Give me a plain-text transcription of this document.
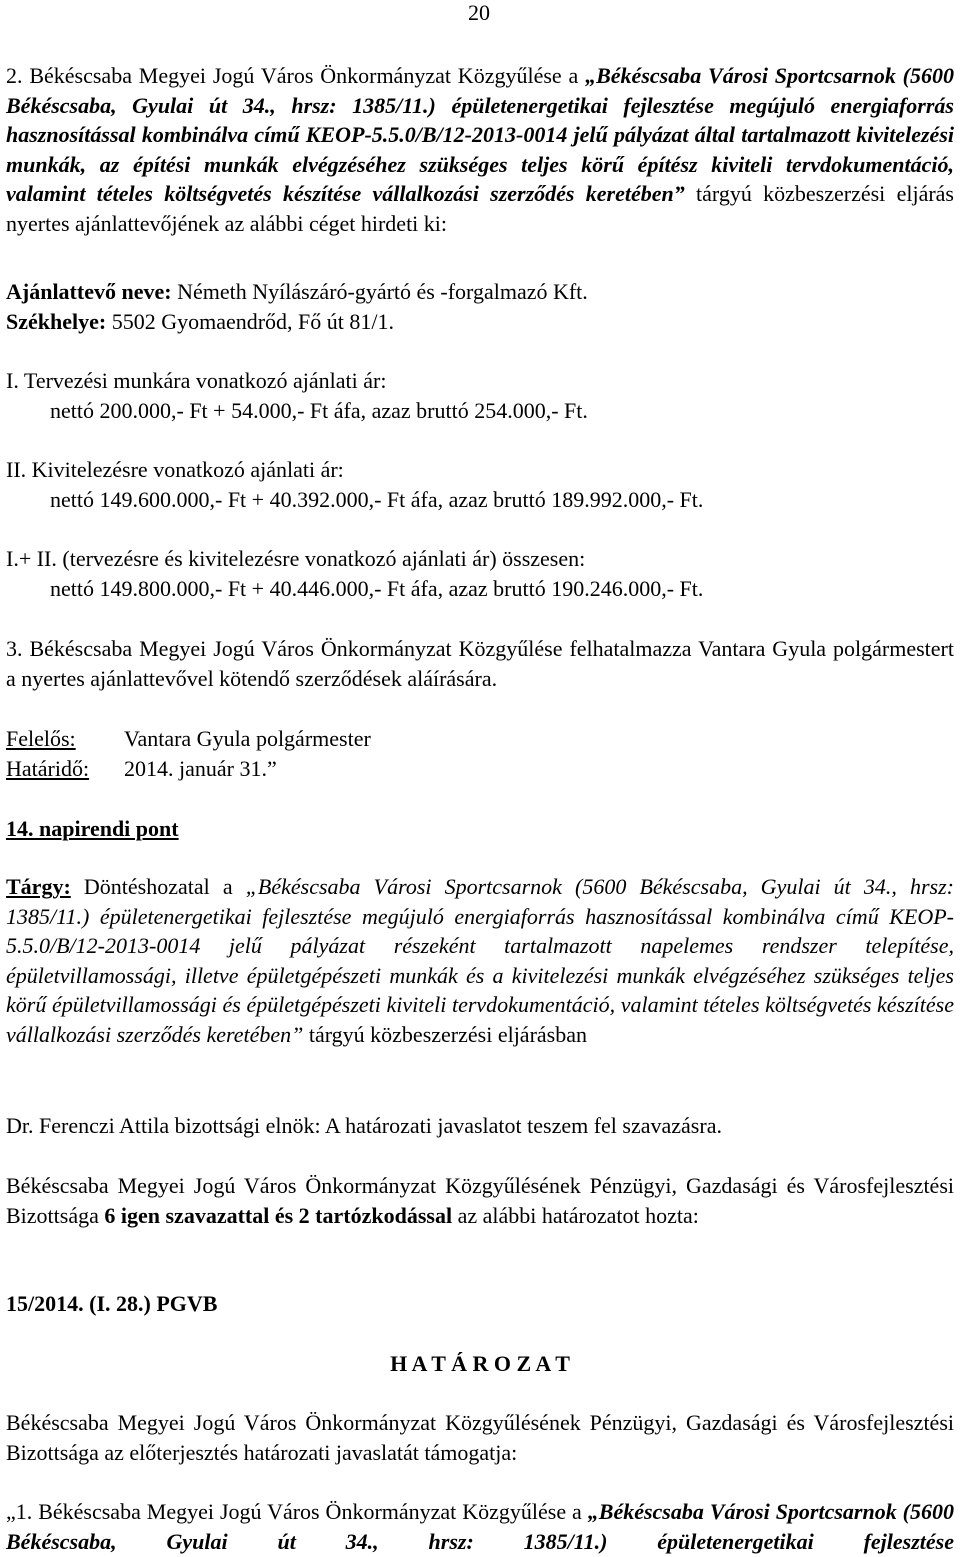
20
2. Békéscsaba Megyei Jogú Város Önkormányzat Közgyűlése a „Békéscsaba Városi Sportcsarnok (5600 Békéscsaba, Gyulai út 34., hrsz: 1385/11.) épületenergetikai fejlesztése megújuló energiaforrás hasznosítással kombinálva című KEOP-5.5.0/B/12-2013-0014 jelű pályázat által tartalmazott kivitelezési munkák, az építési munkák elvégzéséhez szükséges teljes körű építész kiviteli tervdokumentáció, valamint tételes költségvetés készítése vállalkozási szerződés keretében” tárgyú közbeszerzési eljárás nyertes ajánlattevőjének az alábbi céget hirdeti ki:

Ajánlattevő neve: Németh Nyílászáró-gyártó és -forgalmazó Kft.

Székhelye: 5502 Gyomaendrőd, Fő út 81/1.

I. Tervezési munkára vonatkozó ajánlati ár:

nettó 200.000,- Ft + 54.000,- Ft áfa, azaz bruttó 254.000,- Ft.

II. Kivitelezésre vonatkozó ajánlati ár:

nettó 149.600.000,- Ft + 40.392.000,- Ft áfa, azaz bruttó 189.992.000,- Ft.

I.+ II. (tervezésre és kivitelezésre vonatkozó ajánlati ár) összesen:

nettó 149.800.000,- Ft + 40.446.000,- Ft áfa, azaz bruttó 190.246.000,- Ft.

3. Békéscsaba Megyei Jogú Város Önkormányzat Közgyűlése felhatalmazza Vantara Gyula polgármestert a nyertes ajánlattevővel kötendő szerződések aláírására.

Felelős: Vantara Gyula polgármester

Határidő: 2014. január 31.”

14. napirendi pont
Tárgy: Döntéshozatal a „Békéscsaba Városi Sportcsarnok (5600 Békéscsaba, Gyulai út 34., hrsz: 1385/11.) épületenergetikai fejlesztése megújuló energiaforrás hasznosítással kombinálva című KEOP-5.5.0/B/12-2013-0014 jelű pályázat részeként tartalmazott napelemes rendszer telepítése, épületvillamossági, illetve épületgépészeti munkák és a kivitelezési munkák elvégzéséhez szükséges teljes körű épületvillamossági és épületgépészeti kiviteli tervdokumentáció, valamint tételes költségvetés készítése vállalkozási szerződés keretében” tárgyú közbeszerzési eljárásban
Dr. Ferenczi Attila bizottsági elnök: A határozati javaslatot teszem fel szavazásra.
Békéscsaba Megyei Jogú Város Önkormányzat Közgyűlésének Pénzügyi, Gazdasági és Városfejlesztési Bizottsága 6 igen szavazattal és 2 tartózkodással az alábbi határozatot hozta:
15/2014. (I. 28.) PGVB
H A T Á R O Z A T
Békéscsaba Megyei Jogú Város Önkormányzat Közgyűlésének Pénzügyi, Gazdasági és Városfejlesztési Bizottsága az előterjesztés határozati javaslatát támogatja:
„1. Békéscsaba Megyei Jogú Város Önkormányzat Közgyűlése a „Békéscsaba Városi Sportcsarnok (5600 Békéscsaba, Gyulai út 34., hrsz: 1385/11.) épületenergetikai fejlesztése
